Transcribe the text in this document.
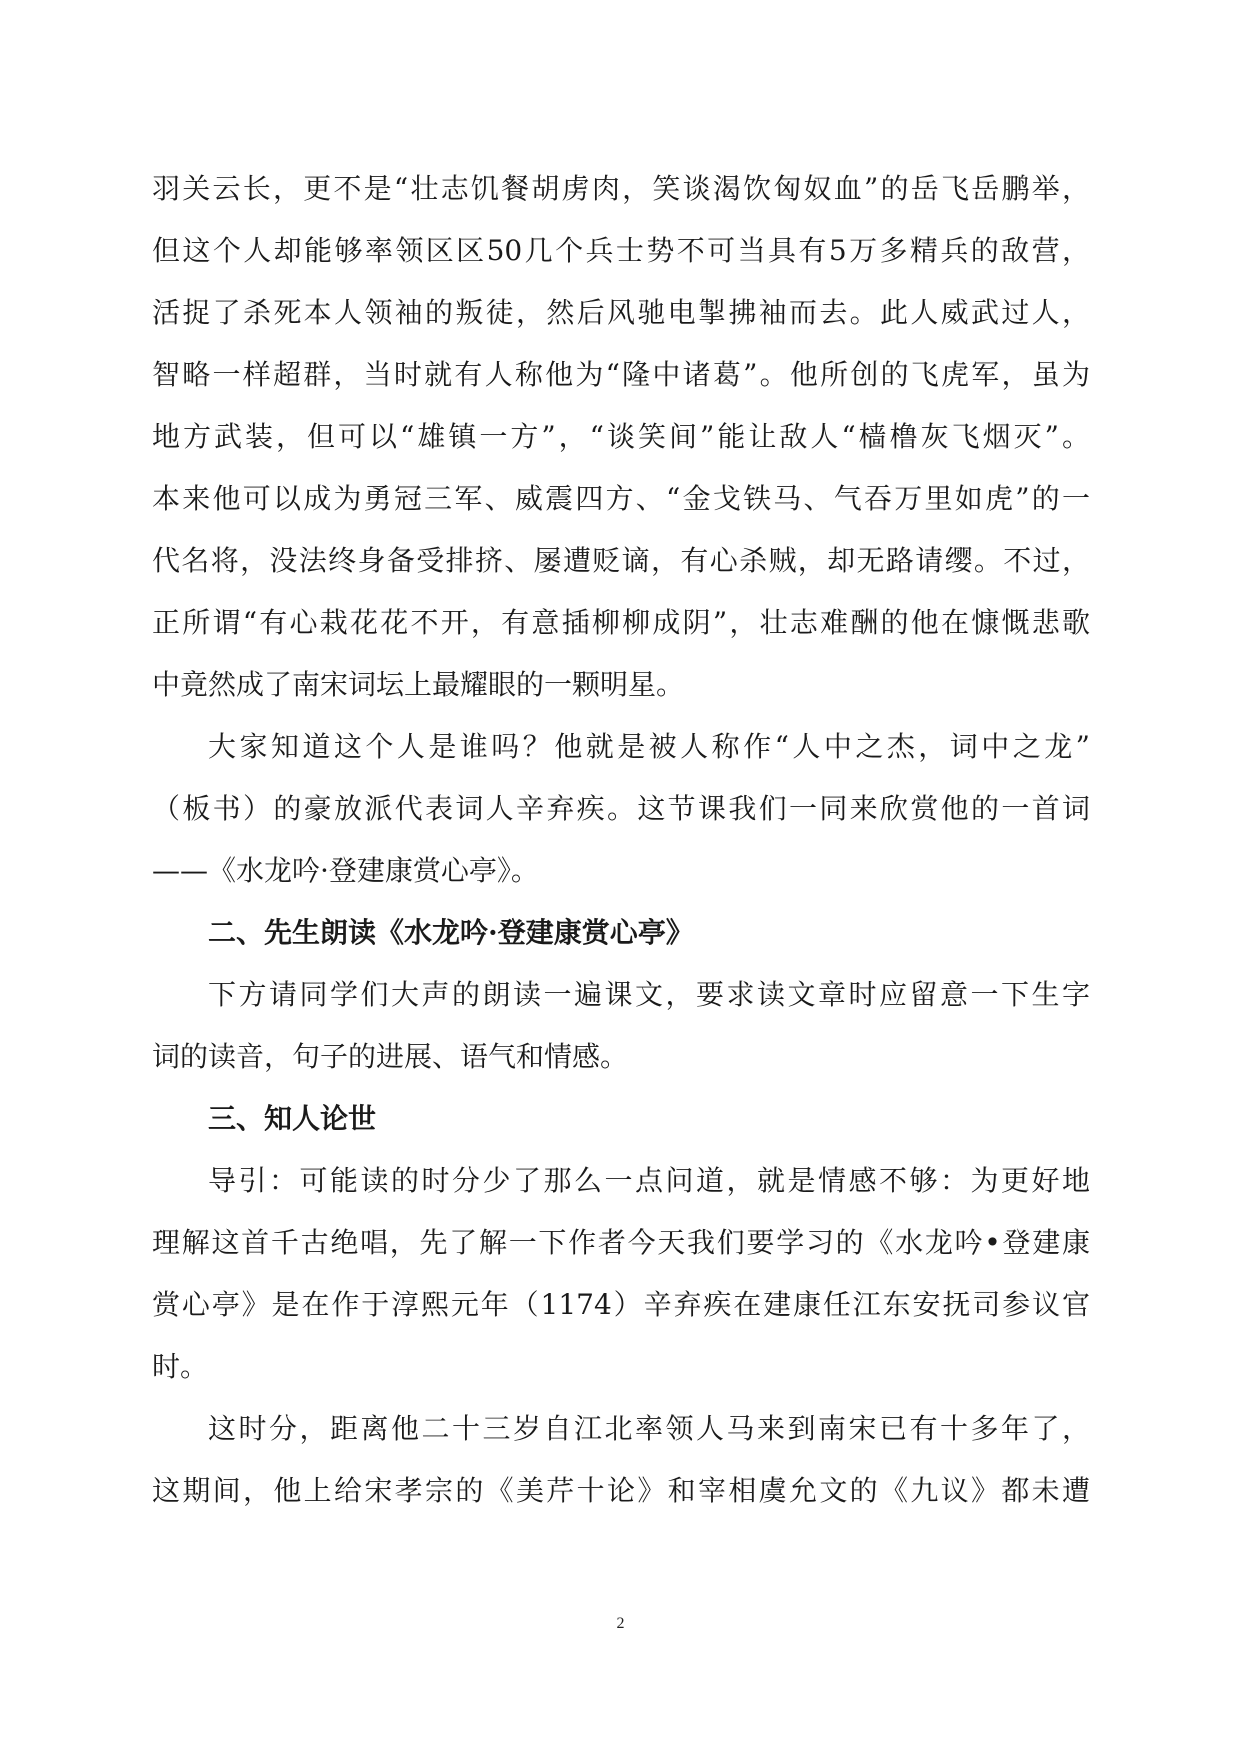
羽关云长，更不是“壮志饥餐胡虏肉，笑谈渴饮匈奴血”的岳飞岳鹏举，
但这个人却能够率领区区50几个兵士势不可当具有5万多精兵的敌营，
活捉了杀死本人领袖的叛徒，然后风驰电掣拂袖而去。此人威武过人，
智略一样超群，当时就有人称他为“隆中诸葛”。他所创的飞虎军，虽为
地方武装，但可以“雄镇一方”，“谈笑间”能让敌人“樯橹灰飞烟灭”。
本来他可以成为勇冠三军、威震四方、“金戈铁马、气吞万里如虎”的一
代名将，没法终身备受排挤、屡遭贬谪，有心杀贼，却无路请缨。不过，
正所谓“有心栽花花不开，有意插柳柳成阴”，壮志难酬的他在慷慨悲歌
中竟然成了南宋词坛上最耀眼的一颗明星。
大家知道这个人是谁吗？他就是被人称作“人中之杰，词中之龙”
（板书）的豪放派代表词人辛弃疾。这节课我们一同来欣赏他的一首词
——《水龙吟·登建康赏心亭》。
二、先生朗读《水龙吟·登建康赏心亭》
下方请同学们大声的朗读一遍课文，要求读文章时应留意一下生字
词的读音，句子的进展、语气和情感。
三、知人论世
导引：可能读的时分少了那么一点问道，就是情感不够：为更好地
理解这首千古绝唱，先了解一下作者今天我们要学习的《水龙吟•登建康
赏心亭》是在作于淳熙元年（1174）辛弃疾在建康任江东安抚司参议官
时。
这时分，距离他二十三岁自江北率领人马来到南宋已有十多年了，
这期间，他上给宋孝宗的《美芹十论》和宰相虞允文的《九议》都未遭
2
